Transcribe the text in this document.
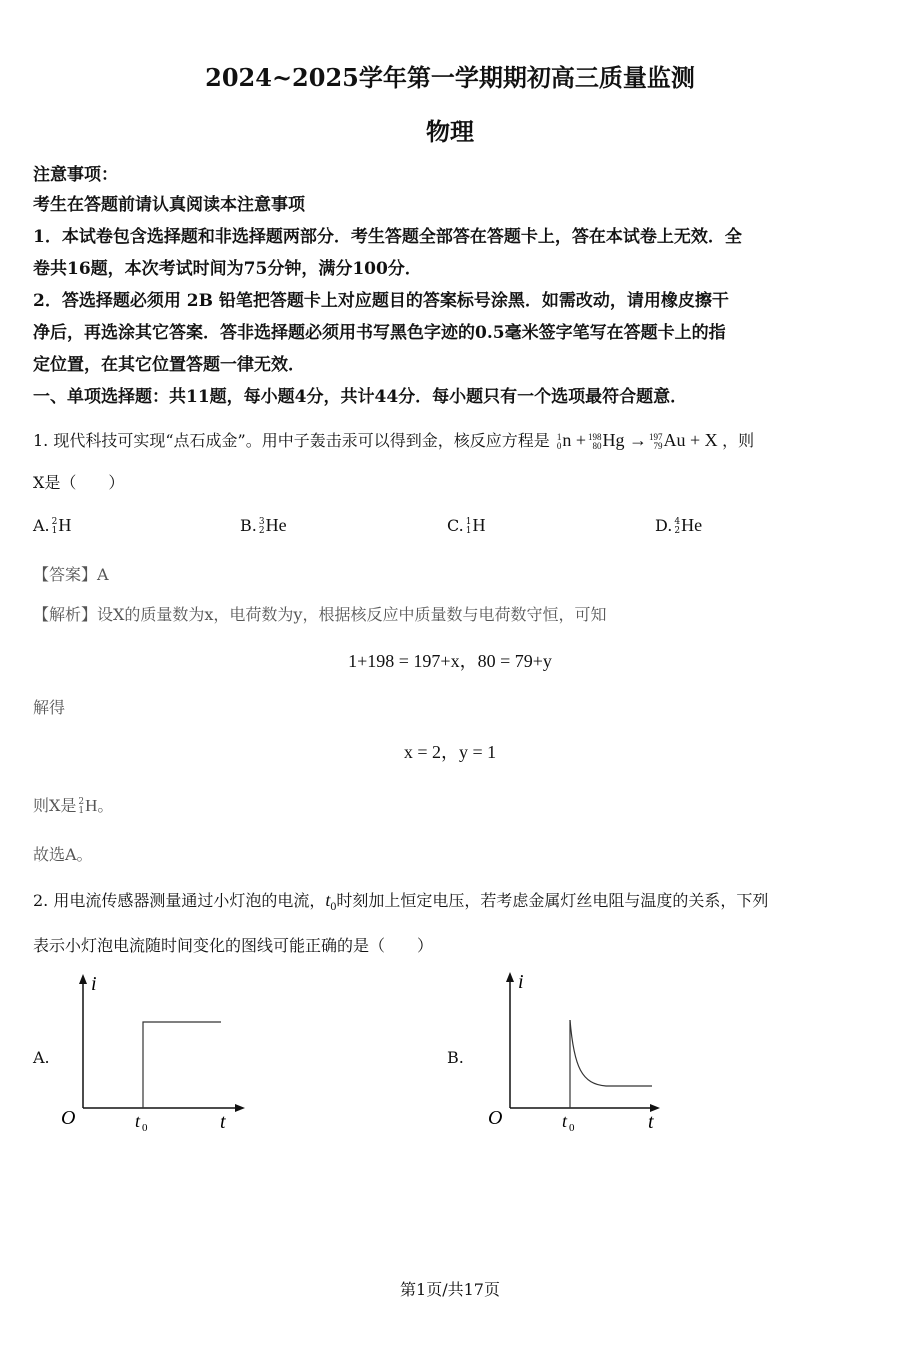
2024~2025学年第一学期期初高三质量监测
物理
注意事项：
考生在答题前请认真阅读本注意事项
1．本试卷包含选择题和非选择题两部分．考生答题全部答在答题卡上，答在本试卷上无效．全
卷共16题，本次考试时间为75分钟，满分100分．
2．答选择题必须用 2B 铅笔把答题卡上对应题目的答案标号涂黑．如需改动，请用橡皮擦干
净后，再选涂其它答案．答非选择题必须用书写黑色字迹的0.5毫米签字笔写在答题卡上的指
定位置，在其它位置答题一律无效．
一、单项选择题：共11题，每小题4分，共计44分．每小题只有一个选项最符合题意．
1. 现代科技可实现“点石成金”。用中子轰击汞可以得到金，核反应方程是 1
0 n + 198
80 Hg → 197
79 Au + X ，则
X是（　　）
A. 2
1 H	B. 3
2 He	C. 1
1 H	D. 4
2 He
【答案】A
【解析】设X的质量数为x，电荷数为y，根据核反应中质量数与电荷数守恒，可知
1+198 = 197+x，80 = 79+y
解得
x = 2，y = 1
则X是 2
1 H。
故选A。
2. 用电流传感器测量通过小灯泡的电流，$t_0$时刻加上恒定电压，若考虑金属灯丝电阻与温度的关系，下列
表示小灯泡电流随时间变化的图线可能正确的是（　　）
A.	B.
i
t
O	t 0
i
t
O	t 0
第1页/共17页
